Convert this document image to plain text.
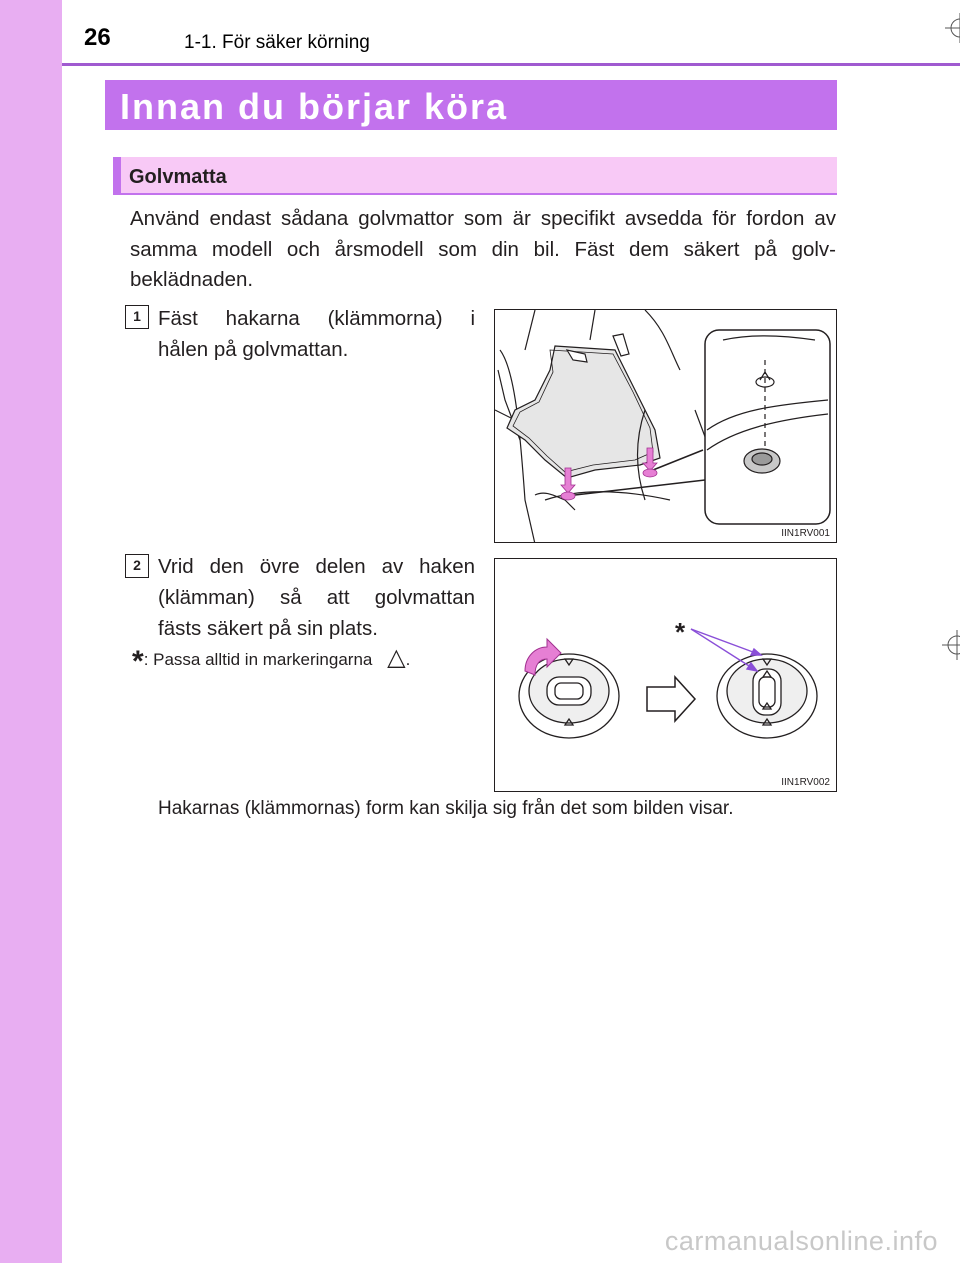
26	1-1. För säker körning
Innan du börjar köra
Golvmatta
Använd endast sådana golvmattor som är specifikt avsedda för fordon av samma modell och årsmodell som din bil. Fäst dem säkert på golv-beklädnaden.
1 Fäst hakarna (klämmorna) i
hålen på golvmattan.
2 Vrid den övre delen av haken
(klämman) så att golvmattan
fästs säkert på sin plats.
*: Passa alltid in markeringarna △.
Hakarnas (klämmornas) form kan skilja sig från det som bilden visar.
IIN1RV001
*
IIN1RV002
carmanualsonline.info
